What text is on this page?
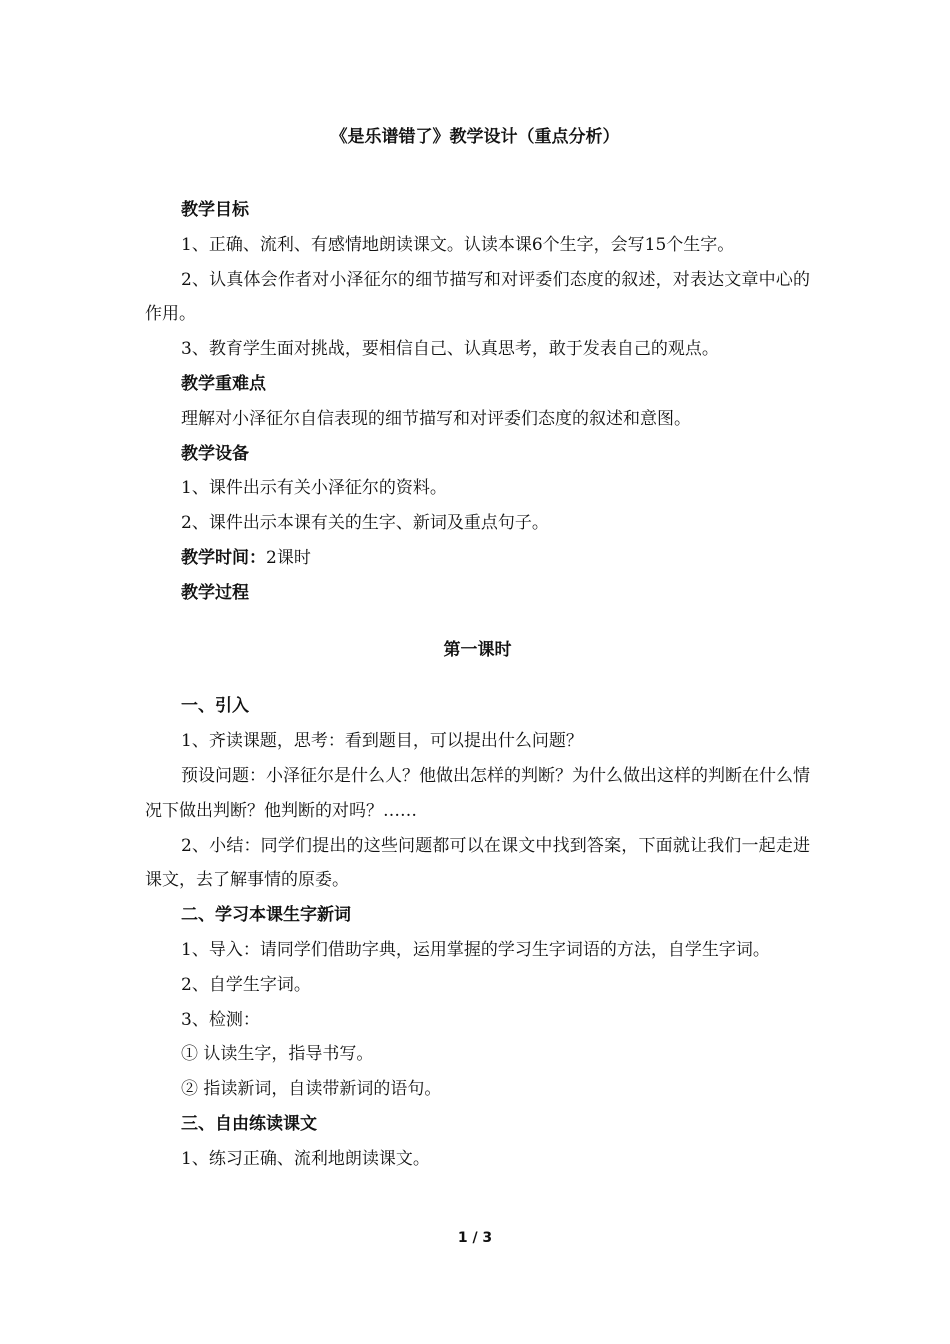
《是乐谱错了》教学设计（重点分析）

教学目标

1、正确、流利、有感情地朗读课文。认读本课6个生字，会写15个生字。

2、认真体会作者对小泽征尔的细节描写和对评委们态度的叙述，对表达文章中心的作用。

3、教育学生面对挑战，要相信自己、认真思考，敢于发表自己的观点。

教学重难点

理解对小泽征尔自信表现的细节描写和对评委们态度的叙述和意图。

教学设备

1、课件出示有关小泽征尔的资料。

2、课件出示本课有关的生字、新词及重点句子。

教学时间：2课时

教学过程

第一课时

一、引入

1、齐读课题，思考：看到题目，可以提出什么问题？

预设问题：小泽征尔是什么人？他做出怎样的判断？为什么做出这样的判断在什么情况下做出判断？他判断的对吗？……

2、小结：同学们提出的这些问题都可以在课文中找到答案，下面就让我们一起走进课文，去了解事情的原委。

二、学习本课生字新词

1、导入：请同学们借助字典，运用掌握的学习生字词语的方法，自学生字词。

2、自学生字词。

3、检测：

① 认读生字，指导书写。

② 指读新词，自读带新词的语句。

三、自由练读课文

1、练习正确、流利地朗读课文。

1 / 3
